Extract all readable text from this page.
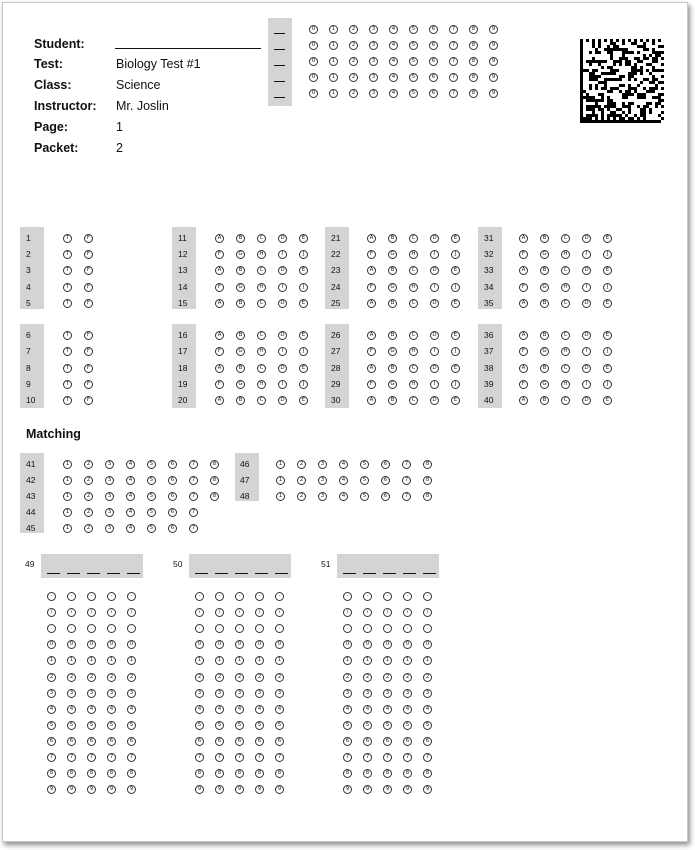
Student:
Test:	Biology Test #1
Class:	Science
Instructor: Mr. Joslin
Page:	1
Packet:	2
0	1	2	3	4	5	6	7	8	9
0	1	2	3	4	5	6	7	8	9
0	1	2	3	4	5	6	7	8	9
0	1	2	3	4	5	6	7	8	9
0	1	2	3	4	5	6	7	8	9
1	T	F
2	T	F
3	T	F
4	T	F
5	T	F
6	T	F
7	T	F
8	T	F
9	T	F
10	T	F
11	A	B	C	D	E	21	A	B	C	D	E	31	A	B	C	D	E
12	F	G	H	I	J	22	F	G	H	I	J	32	F	G	H	I	J
13	A	B	C	D	E	23	A	B	C	D	E	33	A	B	C	D	E
14	F	G	H	I	J	24	F	G	H	I	J	34	F	G	H	I	J
15	A	B	C	D	E	25	A	B	C	D	E	35	A	B	C	D	E
16	A	B	C	D	E	26	A	B	C	D	E	36	A	B	C	D	E
17	F	G	H	I	J	27	F	G	H	I	J	37	F	G	H	I	J
18	A	B	C	D	E	28	A	B	C	D	E	38	A	B	C	D	E
19	F	G	H	I	J	29	F	G	H	I	J	39	F	G	H	I	J
20	A	B	C	D	E	30	A	B	C	D	E	40	A	B	C	D	E
Matching
41	1	2	3	4	5	6	7	8
42	1	2	3	4	5	6	7	8
43	1	2	3	4	5	6	7	8
44	1	2	3	4	5	6	7
45	1	2	3	4	5	6	7
46	1	2	3	4	5	6	7	8
47	1	2	3	4	5	6	7	8
48	1	2	3	4	5	6	7	8
49
-	-	-	-	-
/	/	/	/	/
.	.	.	.	.
0	0	0	0	0
1	1	1	1	1
2	2	2	2	2
3	3	3	3	3
4	4	4	4	4
5	5	5	5	5
6	6	6	6	6
7	7	7	7	7
8	8	8	8	8
9	9	9	9	9
50
-	-	-	-	-
/	/	/	/	/
.	.	.	.	.
0	0	0	0	0
1	1	1	1	1
2	2	2	2	2
3	3	3	3	3
4	4	4	4	4
5	5	5	5	5
6	6	6	6	6
7	7	7	7	7
8	8	8	8	8
9	9	9	9	9
51
-	-	-	-	-
/	/	/	/	/
.	.	.	.	.
0	0	0	0	0
1	1	1	1	1
2	2	2	2	2
3	3	3	3	3
4	4	4	4	4
5	5	5	5	5
6	6	6	6	6
7	7	7	7	7
8	8	8	8	8
9	9	9	9	9
